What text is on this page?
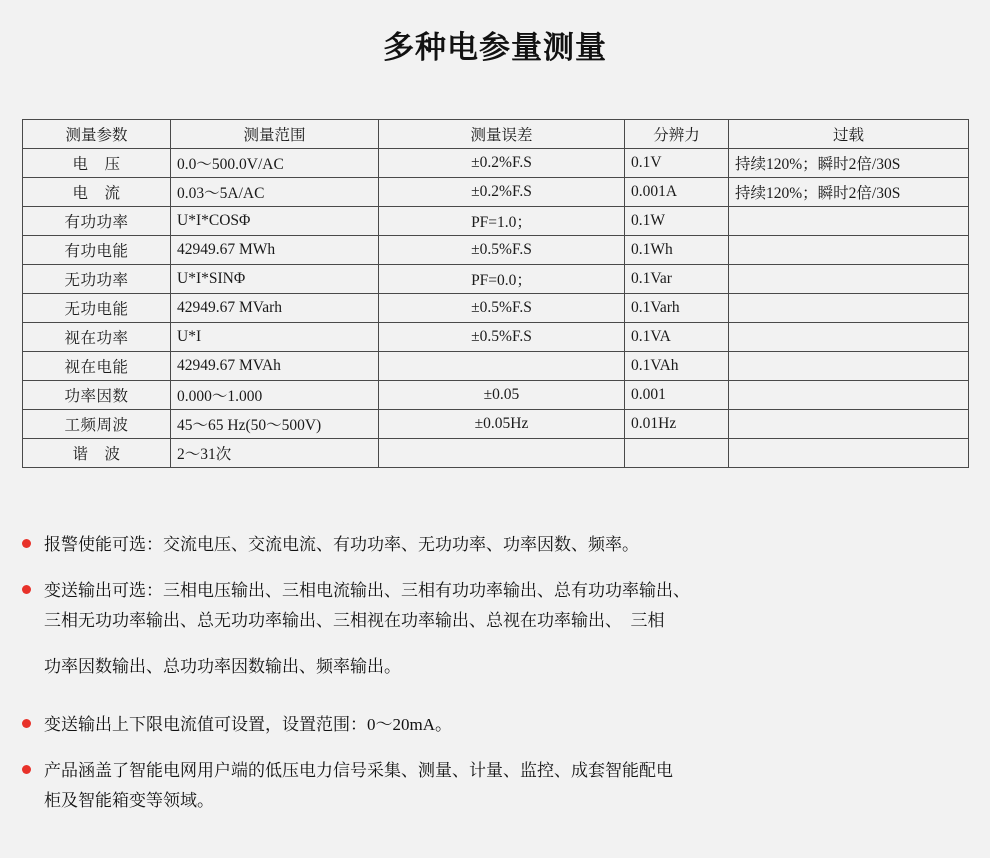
多种电参量测量
测量参数	测量范围	测量误差	分辨力	过载
电　压	0.0～500.0V/AC	±0.2%F.S	0.1V	持续120%；瞬时2倍/30S
电　流	0.03～5A/AC	±0.2%F.S	0.001A	持续120%；瞬时2倍/30S
有功功率	U*I*COSΦ	PF=1.0；	0.1W	
有功电能	42949.67 MWh	±0.5%F.S	0.1Wh	
无功功率	U*I*SINΦ	PF=0.0；	0.1Var	
无功电能	42949.67 MVarh	±0.5%F.S	0.1Varh	
视在功率	U*I	±0.5%F.S	0.1VA	
视在电能	42949.67 MVAh		0.1VAh	
功率因数	0.000～1.000	±0.05	0.001	
工频周波	45～65 Hz(50～500V)	±0.05Hz	0.01Hz	
谐　波	2～31次			
报警使能可选：交流电压、交流电流、有功功率、无功功率、功率因数、频率。
变送输出可选：三相电压输出、三相电流输出、三相有功功率输出、总有功功率输出、
三相无功功率输出、总无功功率输出、三相视在功率输出、总视在功率输出、　三相
功率因数输出、总功功率因数输出、频率输出。
变送输出上下限电流值可设置，设置范围：0～20mA。
产品涵盖了智能电网用户端的低压电力信号采集、测量、计量、监控、成套智能配电
柜及智能箱变等领域。
